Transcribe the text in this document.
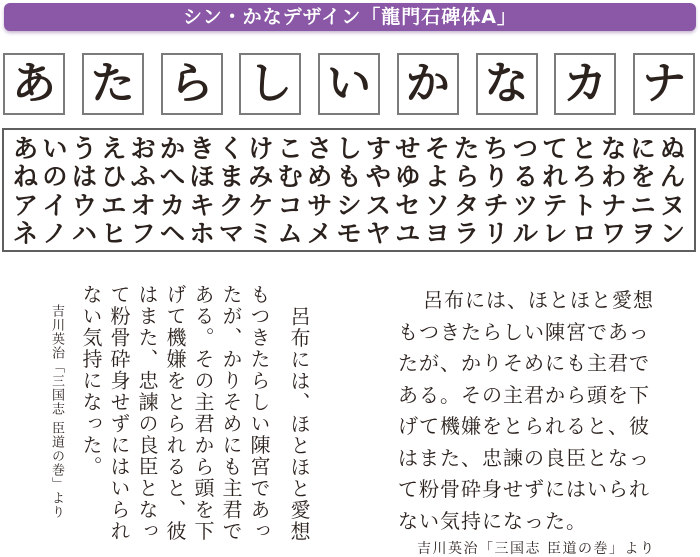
シン・かなデザイン「龍門石碑体A」
あ た ら し い か な カ ナ
あ い う え お か き く け こ さ し す せ そ た ち つ て と な に ぬ
ね の は ひ ふ へ ほ ま み む め も や ゆ よ ら り る れ ろ わ を ん
ア イ ウ エ オ カ キ ク ケ コ サ シ ス セ ソ タ チ ツ テ ト ナ ニ ヌ
ネ ノ ハ ヒ フ ヘ ホ マ ミ ム メ モ ヤ ユ ヨ ラ リ ル レ ロ ワ ヲ ン
呂布には、ほとほと愛想
もつきたらしい陳宮であっ
たが、かりそめにも主君で
ある。その主君から頭を下
げて機嫌をとられると、彼
はまた、忠諫の良臣となっ
て粉骨砕身せずにはいられ
ない気持になった。
吉川英治「三国志 臣道の巻」より
呂布には、ほとほと愛想
もつきたらしい陳宮であっ
たが、かりそめにも主君で
ある。その主君から頭を下
げて機嫌をとられると、彼
はまた、忠諫の良臣となっ
て粉骨砕身せずにはいられ
ない気持になった。
吉川英治「三国志 臣道の巻」より
